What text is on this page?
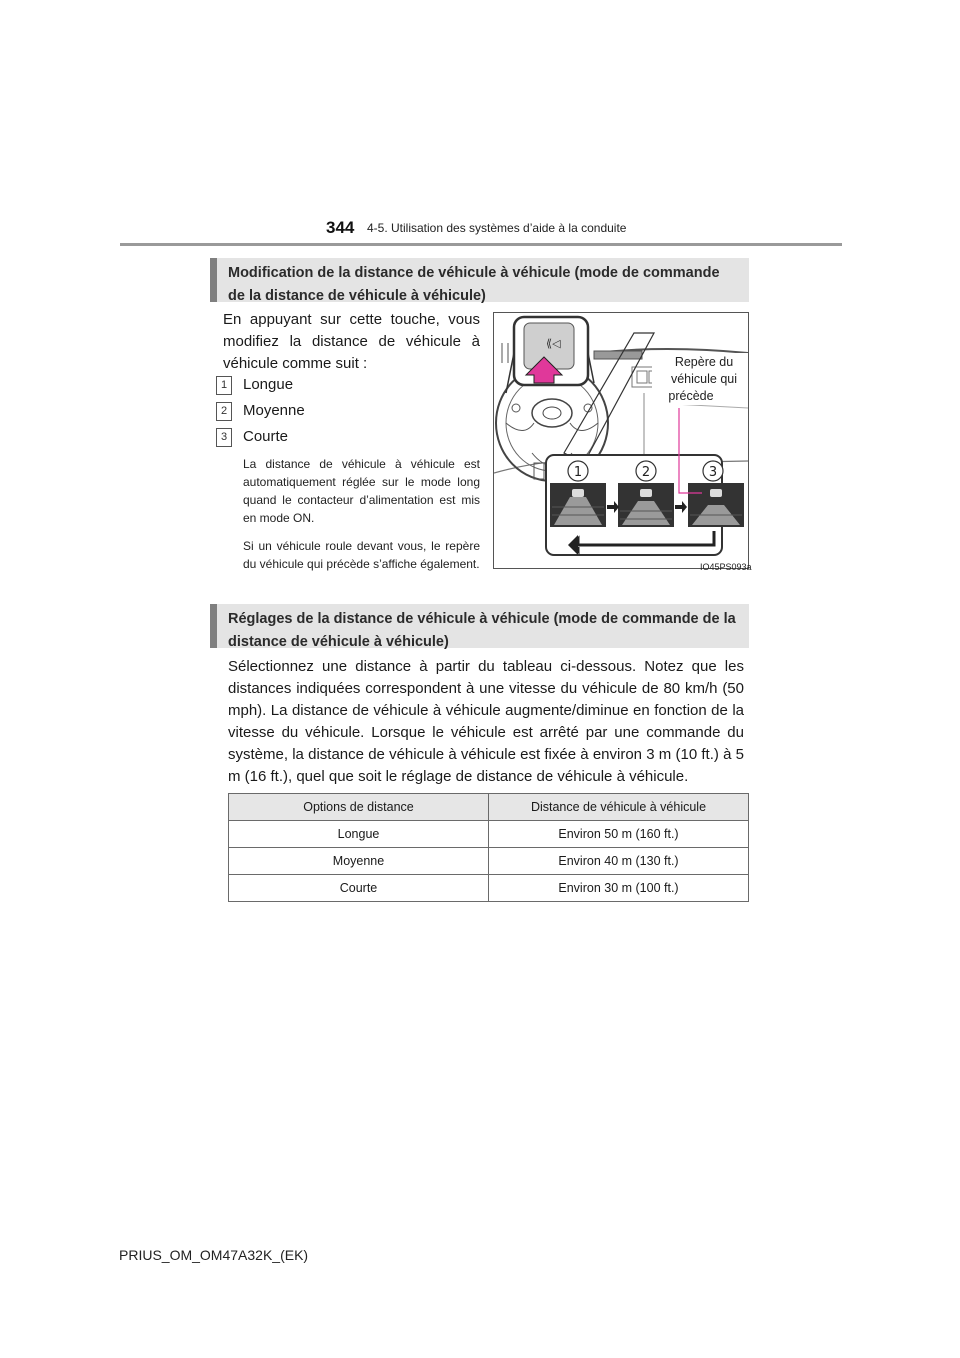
344 4-5. Utilisation des systèmes d’aide à la conduite
Modification de la distance de véhicule à véhicule (mode de commande de la distance de véhicule à véhicule)
En appuyant sur cette touche, vous modifiez la distance de véhicule à véhicule comme suit :
1	Longue
2	Moyenne
3	Courte
La distance de véhicule à véhicule est automatiquement réglée sur le mode long quand le contacteur d’alimentation est mis en mode ON.
Si un véhicule roule devant vous, le repère du véhicule qui précède s’affiche également.
⟪◁
1	2	3
Repère du
véhicule qui
précède
IO45PS093a
Réglages de la distance de véhicule à véhicule (mode de commande de la distance de véhicule à véhicule)
Sélectionnez une distance à partir du tableau ci-dessous. Notez que les distances indiquées correspondent à une vitesse du véhicule de 80 km/h (50 mph). La distance de véhicule à véhicule augmente/diminue en fonction de la vitesse du véhicule. Lorsque le véhicule est arrêté par une commande du système, la distance de véhicule à véhicule est fixée à environ 3 m (10 ft.) à 5 m (16 ft.), quel que soit le réglage de distance de véhicule à véhicule.
Options de distance	Distance de véhicule à véhicule
Longue	Environ 50 m (160 ft.)
Moyenne	Environ 40 m (130 ft.)
Courte	Environ 30 m (100 ft.)
PRIUS_OM_OM47A32K_(EK)
